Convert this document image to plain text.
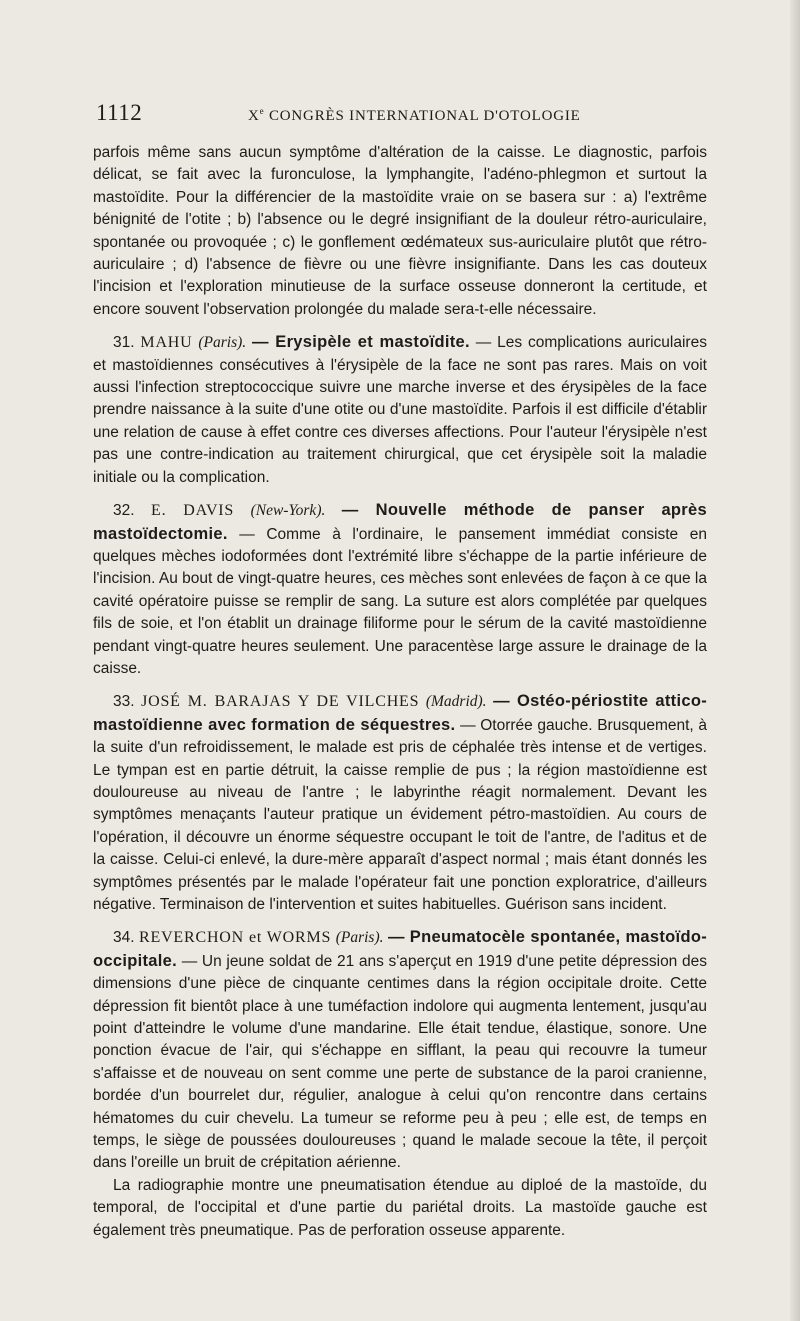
1112	Xe CONGRÈS INTERNATIONAL D'OTOLOGIE

parfois même sans aucun symptôme d'altération de la caisse. Le diagnostic, parfois délicat, se fait avec la furonculose, la lymphangite, l'adéno-phlegmon et surtout la mastoïdite. Pour la différencier de la mastoïdite vraie on se basera sur : a) l'extrême bénignité de l'otite ; b) l'absence ou le degré insignifiant de la douleur rétro-auriculaire, spontanée ou provoquée ; c) le gonflement œdémateux sus-auriculaire plutôt que rétro-auriculaire ; d) l'absence de fièvre ou une fièvre insignifiante. Dans les cas douteux l'incision et l'exploration minutieuse de la surface osseuse donneront la certitude, et encore souvent l'observation prolongée du malade sera-t-elle nécessaire.

31. MAHU (Paris). — Erysipèle et mastoïdite. — Les complications auriculaires et mastoïdiennes consécutives à l'érysipèle de la face ne sont pas rares. Mais on voit aussi l'infection streptococcique suivre une marche inverse et des érysipèles de la face prendre naissance à la suite d'une otite ou d'une mastoïdite. Parfois il est difficile d'établir une relation de cause à effet contre ces diverses affections. Pour l'auteur l'érysipèle n'est pas une contre-indication au traitement chirurgical, que cet érysipèle soit la maladie initiale ou la complication.

32. E. DAVIS (New-York). — Nouvelle méthode de panser après mastoïdectomie. — Comme à l'ordinaire, le pansement immédiat consiste en quelques mèches iodoformées dont l'extrémité libre s'échappe de la partie inférieure de l'incision. Au bout de vingt-quatre heures, ces mèches sont enlevées de façon à ce que la cavité opératoire puisse se remplir de sang. La suture est alors complétée par quelques fils de soie, et l'on établit un drainage filiforme pour le sérum de la cavité mastoïdienne pendant vingt-quatre heures seulement. Une paracentèse large assure le drainage de la caisse.

33. JOSÉ M. BARAJAS Y DE VILCHES (Madrid). — Ostéo-périostite attico-mastoïdienne avec formation de séquestres. — Otorrée gauche. Brusquement, à la suite d'un refroidissement, le malade est pris de céphalée très intense et de vertiges. Le tympan est en partie détruit, la caisse remplie de pus ; la région mastoïdienne est douloureuse au niveau de l'antre ; le labyrinthe réagit normalement. Devant les symptômes menaçants l'auteur pratique un évidement pétro-mastoïdien. Au cours de l'opération, il découvre un énorme séquestre occupant le toit de l'antre, de l'aditus et de la caisse. Celui-ci enlevé, la dure-mère apparaît d'aspect normal ; mais étant donnés les symptômes présentés par le malade l'opérateur fait une ponction exploratrice, d'ailleurs négative. Terminaison de l'intervention et suites habituelles. Guérison sans incident.

34. REVERCHON et WORMS (Paris). — Pneumatocèle spontanée, mastoïdo-occipitale. — Un jeune soldat de 21 ans s'aperçut en 1919 d'une petite dépression des dimensions d'une pièce de cinquante centimes dans la région occipitale droite. Cette dépression fit bientôt place à une tuméfaction indolore qui augmenta lentement, jusqu'au point d'atteindre le volume d'une mandarine. Elle était tendue, élastique, sonore. Une ponction évacue de l'air, qui s'échappe en sifflant, la peau qui recouvre la tumeur s'affaisse et de nouveau on sent comme une perte de substance de la paroi cranienne, bordée d'un bourrelet dur, régulier, analogue à celui qu'on rencontre dans certains hématomes du cuir chevelu. La tumeur se reforme peu à peu ; elle est, de temps en temps, le siège de poussées douloureuses ; quand le malade secoue la tête, il perçoit dans l'oreille un bruit de crépitation aérienne.

La radiographie montre une pneumatisation étendue au diploé de la mastoïde, du temporal, de l'occipital et d'une partie du pariétal droits. La mastoïde gauche est également très pneumatique. Pas de perforation osseuse apparente.
